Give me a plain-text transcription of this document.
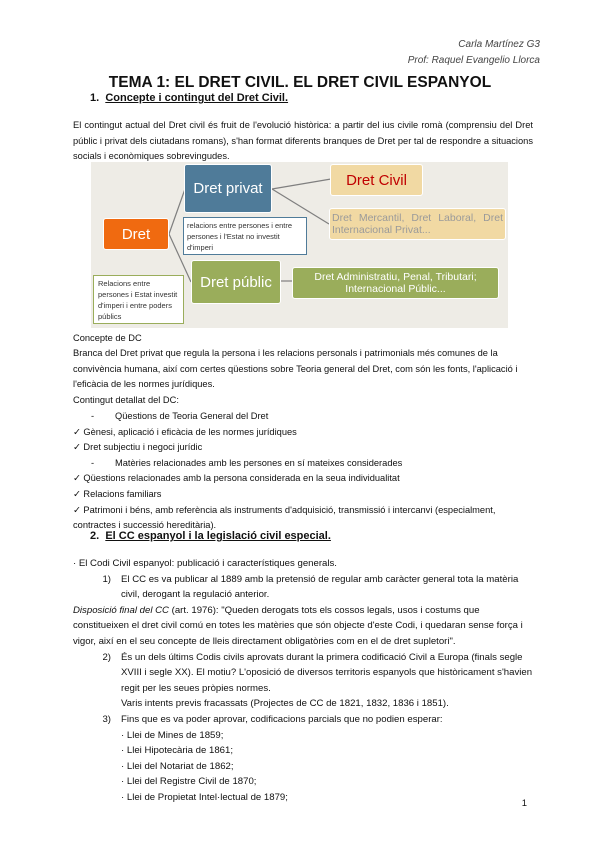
Carla Martínez G3
Prof: Raquel Evangelio Llorca
TEMA 1: EL DRET CIVIL. EL DRET CIVIL ESPANYOL
1. Concepte i contingut del Dret Civil.
El contingut actual del Dret civil és fruit de l'evolució històrica: a partir del ius civile romà (comprensiu del Dret públic i privat dels ciutadans romans), s'han format diferents branques de Dret per tal de respondre a situacions socials i econòmiques sobrevingudes.
Dret
Dret privat	Dret Civil
Dret Mercantil, Dret Laboral, Dret Internacional Privat...
relacions entre persones i entre persones i l'Estat no investit d'imperi
Dret públic	Dret Administratiu, Penal, Tributari; Internacional Públic...
Relacions entre persones i Estat investit d'imperi i entre poders públics
Concepte de DC
Branca del Dret privat que regula la persona i les relacions personals i patrimonials més comunes de la convivència humana, així com certes qüestions sobre Teoria general del Dret, com són les fonts, l'aplicació i l'eficàcia de les normes jurídiques.
Contingut detallat del DC:
- Qüestions de Teoria General del Dret
✓ Gènesi, aplicació i eficàcia de les normes jurídiques
✓ Dret subjectiu i negoci jurídic
- Matèries relacionades amb les persones en sí mateixes considerades
✓ Qüestions relacionades amb la persona considerada en la seua individualitat
✓ Relacions familiars
✓ Patrimoni i béns, amb referència als instruments d'adquisició, transmissió i intercanvi (especialment, contractes i successió hereditària).
2. El CC espanyol i la legislació civil especial.
· El Codi Civil espanyol: publicació i característiques generals.
1)	El CC es va publicar al 1889 amb la pretensió de regular amb caràcter general tota la matèria civil, derogant la regulació anterior.
Disposició final del CC (art. 1976): "Queden derogats tots els cossos legals, usos i costums que constitueixen el dret civil comú en totes les matèries que són objecte d'este Codi, i quedaran sense força i vigor, així en el seu concepte de lleis directament obligatòries com en el de dret supletori".
2)	És un dels últims Codis civils aprovats durant la primera codificació Civil a Europa (finals segle XVIII i segle XX). El motiu? L'oposició de diversos territoris espanyols que històricament s'havien regit per les seues pròpies normes.
Varis intents previs fracassats (Projectes de CC de 1821, 1832, 1836 i 1851).
3)	Fins que es va poder aprovar, codificacions parcials que no podien esperar:
· Llei de Mines de 1859;
· Llei Hipotecària de 1861;
· Llei del Notariat de 1862;
· Llei del Registre Civil de 1870;
· Llei de Propietat Intel·lectual de 1879;
1
